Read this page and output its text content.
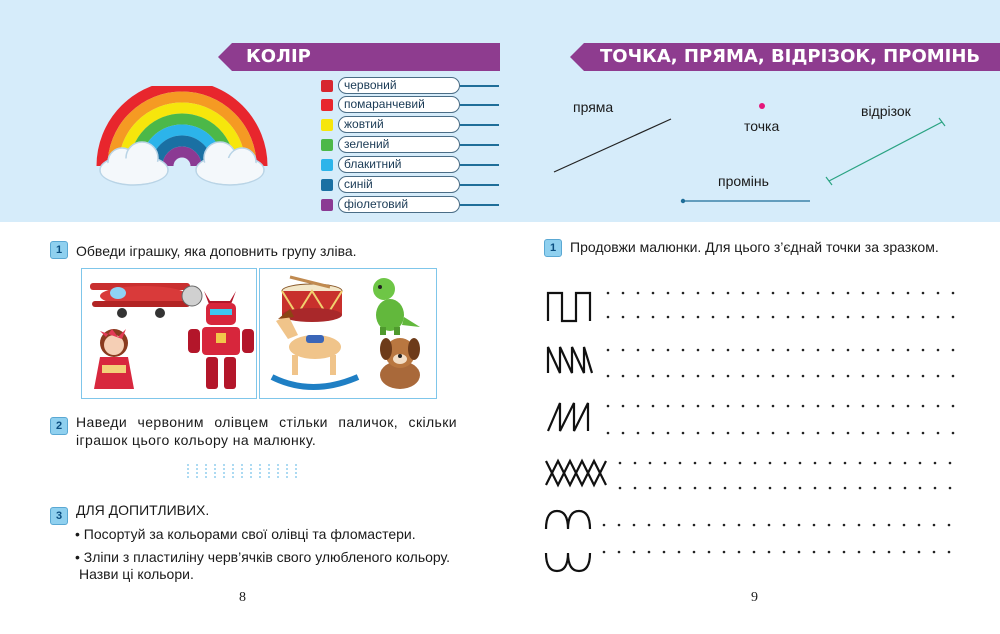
КОЛІР
червоний
помаранчевий
жовтий
зелений
блакитний
синій
фіолетовий
ТОЧКА, ПРЯМА, ВІДРІЗОК, ПРОМІНЬ
пряма
точка
відрізок
промінь
1 Обведи іграшку, яка доповнить групу зліва.
2 Наведи червоним олівцем стільки паличок, скільки іграшок цього кольору на малюнку.
3 ДЛЯ ДОПИТЛИВИХ.
• Посортуй за кольорами свої олівці та фломастери.
• Зліпи з пластиліну черв’ячків свого улюбленого кольору.
Назви ці кольори.
8
1 Продовжи малюнки. Для цього з’єднай точки за зразком.
9
